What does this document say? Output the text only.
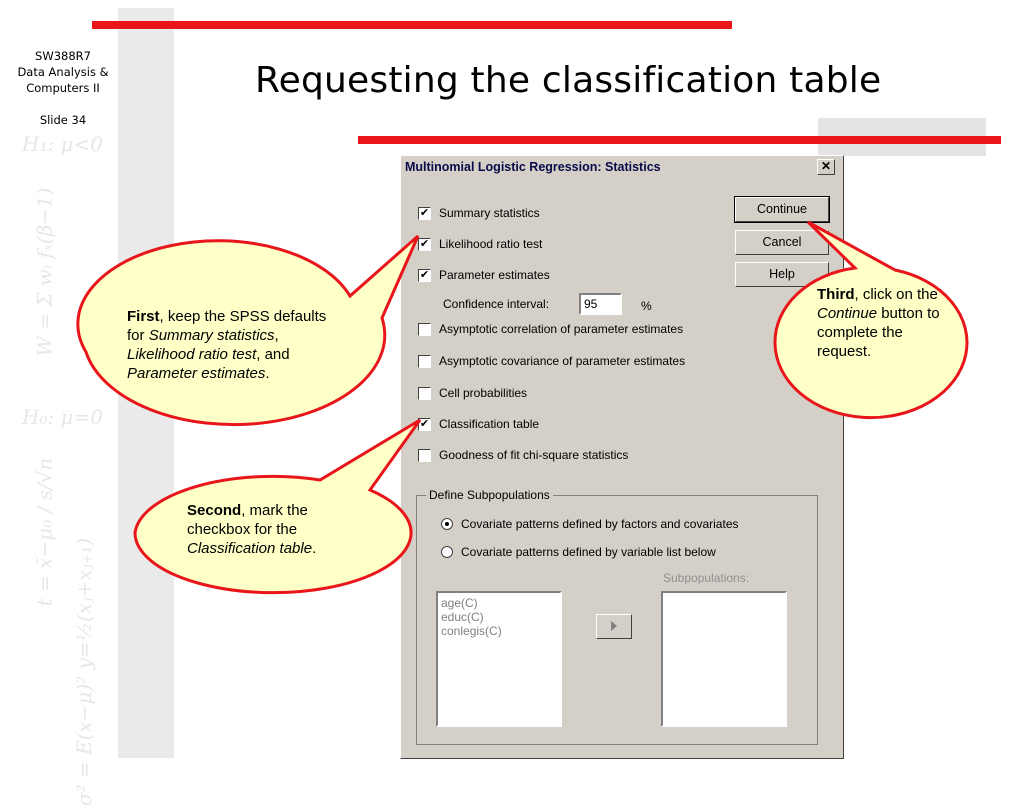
H₁: μ<0
H₀: μ=0
W = Σ wᵢ fₓ(β−1)
t = x̄−μ₀ / s/√n
σ² = E(x−μ)² y=½(xⱼ+xⱼ₊₁)
SW388R7
Data Analysis &
Computers II
Slide 34
Requesting the classification table
Multinomial Logistic Regression: Statistics	✕
✔ Summary statistics
✔ Likelihood ratio test
✔ Parameter estimates
Confidence interval:	95	%
Asymptotic correlation of parameter estimates
Asymptotic covariance of parameter estimates
Cell probabilities
✔ Classification table
Goodness of fit chi-square statistics
Continue
Cancel
Help
Define Subpopulations
Covariate patterns defined by factors and covariates
Covariate patterns defined by variable list below
Subpopulations:
age(C)
educ(C)
conlegis(C)
First, keep the SPSS defaults for Summary statistics, Likelihood ratio test, and Parameter estimates.
Second, mark the checkbox for the Classification table.
Third, click on the Continue button to complete the request.
